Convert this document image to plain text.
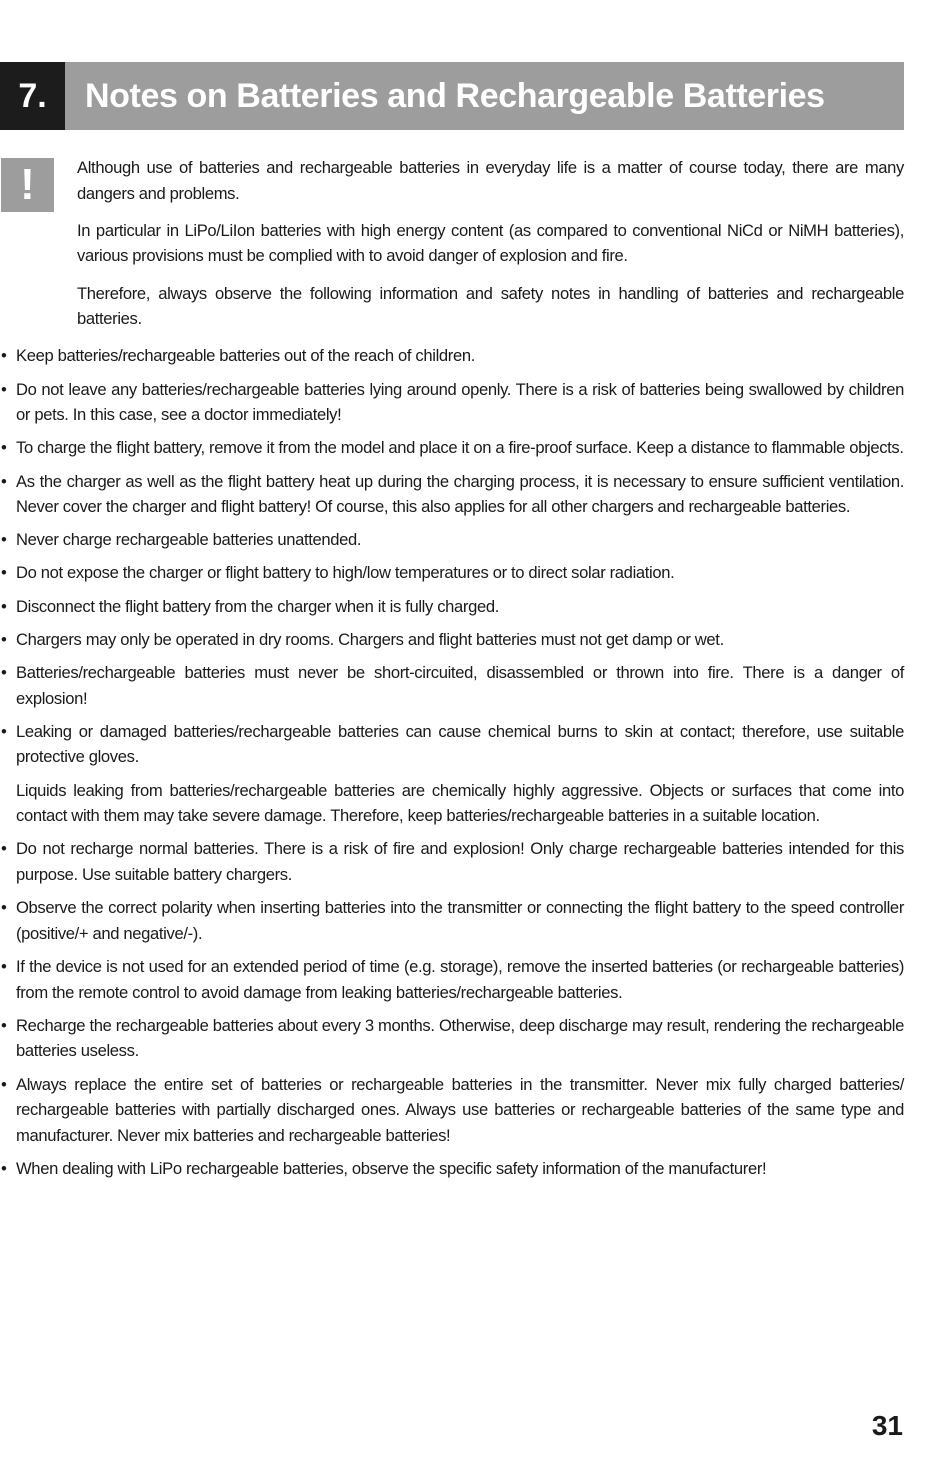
7.	Notes on Batteries and Rechargeable Batteries
!	Although use of batteries and rechargeable batteries in everyday life is a matter of course today, there are many dangers and problems.

In particular in LiPo/LiIon batteries with high energy content (as compared to conventional NiCd or NiMH batteries), various provisions must be complied with to avoid danger of explosion and fire.

Therefore, always observe the following information and safety notes in handling of batteries and rechargeable batteries.

• Keep batteries/rechargeable batteries out of the reach of children.

• Do not leave any batteries/rechargeable batteries lying around openly. There is a risk of batteries being swallowed by children or pets. In this case, see a doctor immediately!

• To charge the flight battery, remove it from the model and place it on a fire-proof surface. Keep a distance to flammable objects.

• As the charger as well as the flight battery heat up during the charging process, it is necessary to ensure sufficient ventilation. Never cover the charger and flight battery! Of course, this also applies for all other chargers and rechargeable batteries.

• Never charge rechargeable batteries unattended.

• Do not expose the charger or flight battery to high/low temperatures or to direct solar radiation.

• Disconnect the flight battery from the charger when it is fully charged.

• Chargers may only be operated in dry rooms. Chargers and flight batteries must not get damp or wet.

• Batteries/rechargeable batteries must never be short-circuited, disassembled or thrown into fire. There is a danger of explosion!

• Leaking or damaged batteries/rechargeable batteries can cause chemical burns to skin at contact; therefore, use suitable protective gloves.

Liquids leaking from batteries/rechargeable batteries are chemically highly aggressive. Objects or surfaces that come into contact with them may take severe damage. Therefore, keep batteries/rechargeable batteries in a suitable location.

• Do not recharge normal batteries. There is a risk of fire and explosion! Only charge rechargeable batteries intended for this purpose. Use suitable battery chargers.

• Observe the correct polarity when inserting batteries into the transmitter or connecting the flight battery to the speed controller (positive/+ and negative/-).

• If the device is not used for an extended period of time (e.g. storage), remove the inserted batteries (or rechargeable batteries) from the remote control to avoid damage from leaking batteries/rechargeable batteries.

• Recharge the rechargeable batteries about every 3 months. Otherwise, deep discharge may result, rendering the rechargeable batteries useless.

• Always replace the entire set of batteries or rechargeable batteries in the transmitter. Never mix fully charged batteries/ rechargeable batteries with partially discharged ones. Always use batteries or rechargeable batteries of the same type and manufacturer. Never mix batteries and rechargeable batteries!

• When dealing with LiPo rechargeable batteries, observe the specific safety information of the manufacturer!

31
